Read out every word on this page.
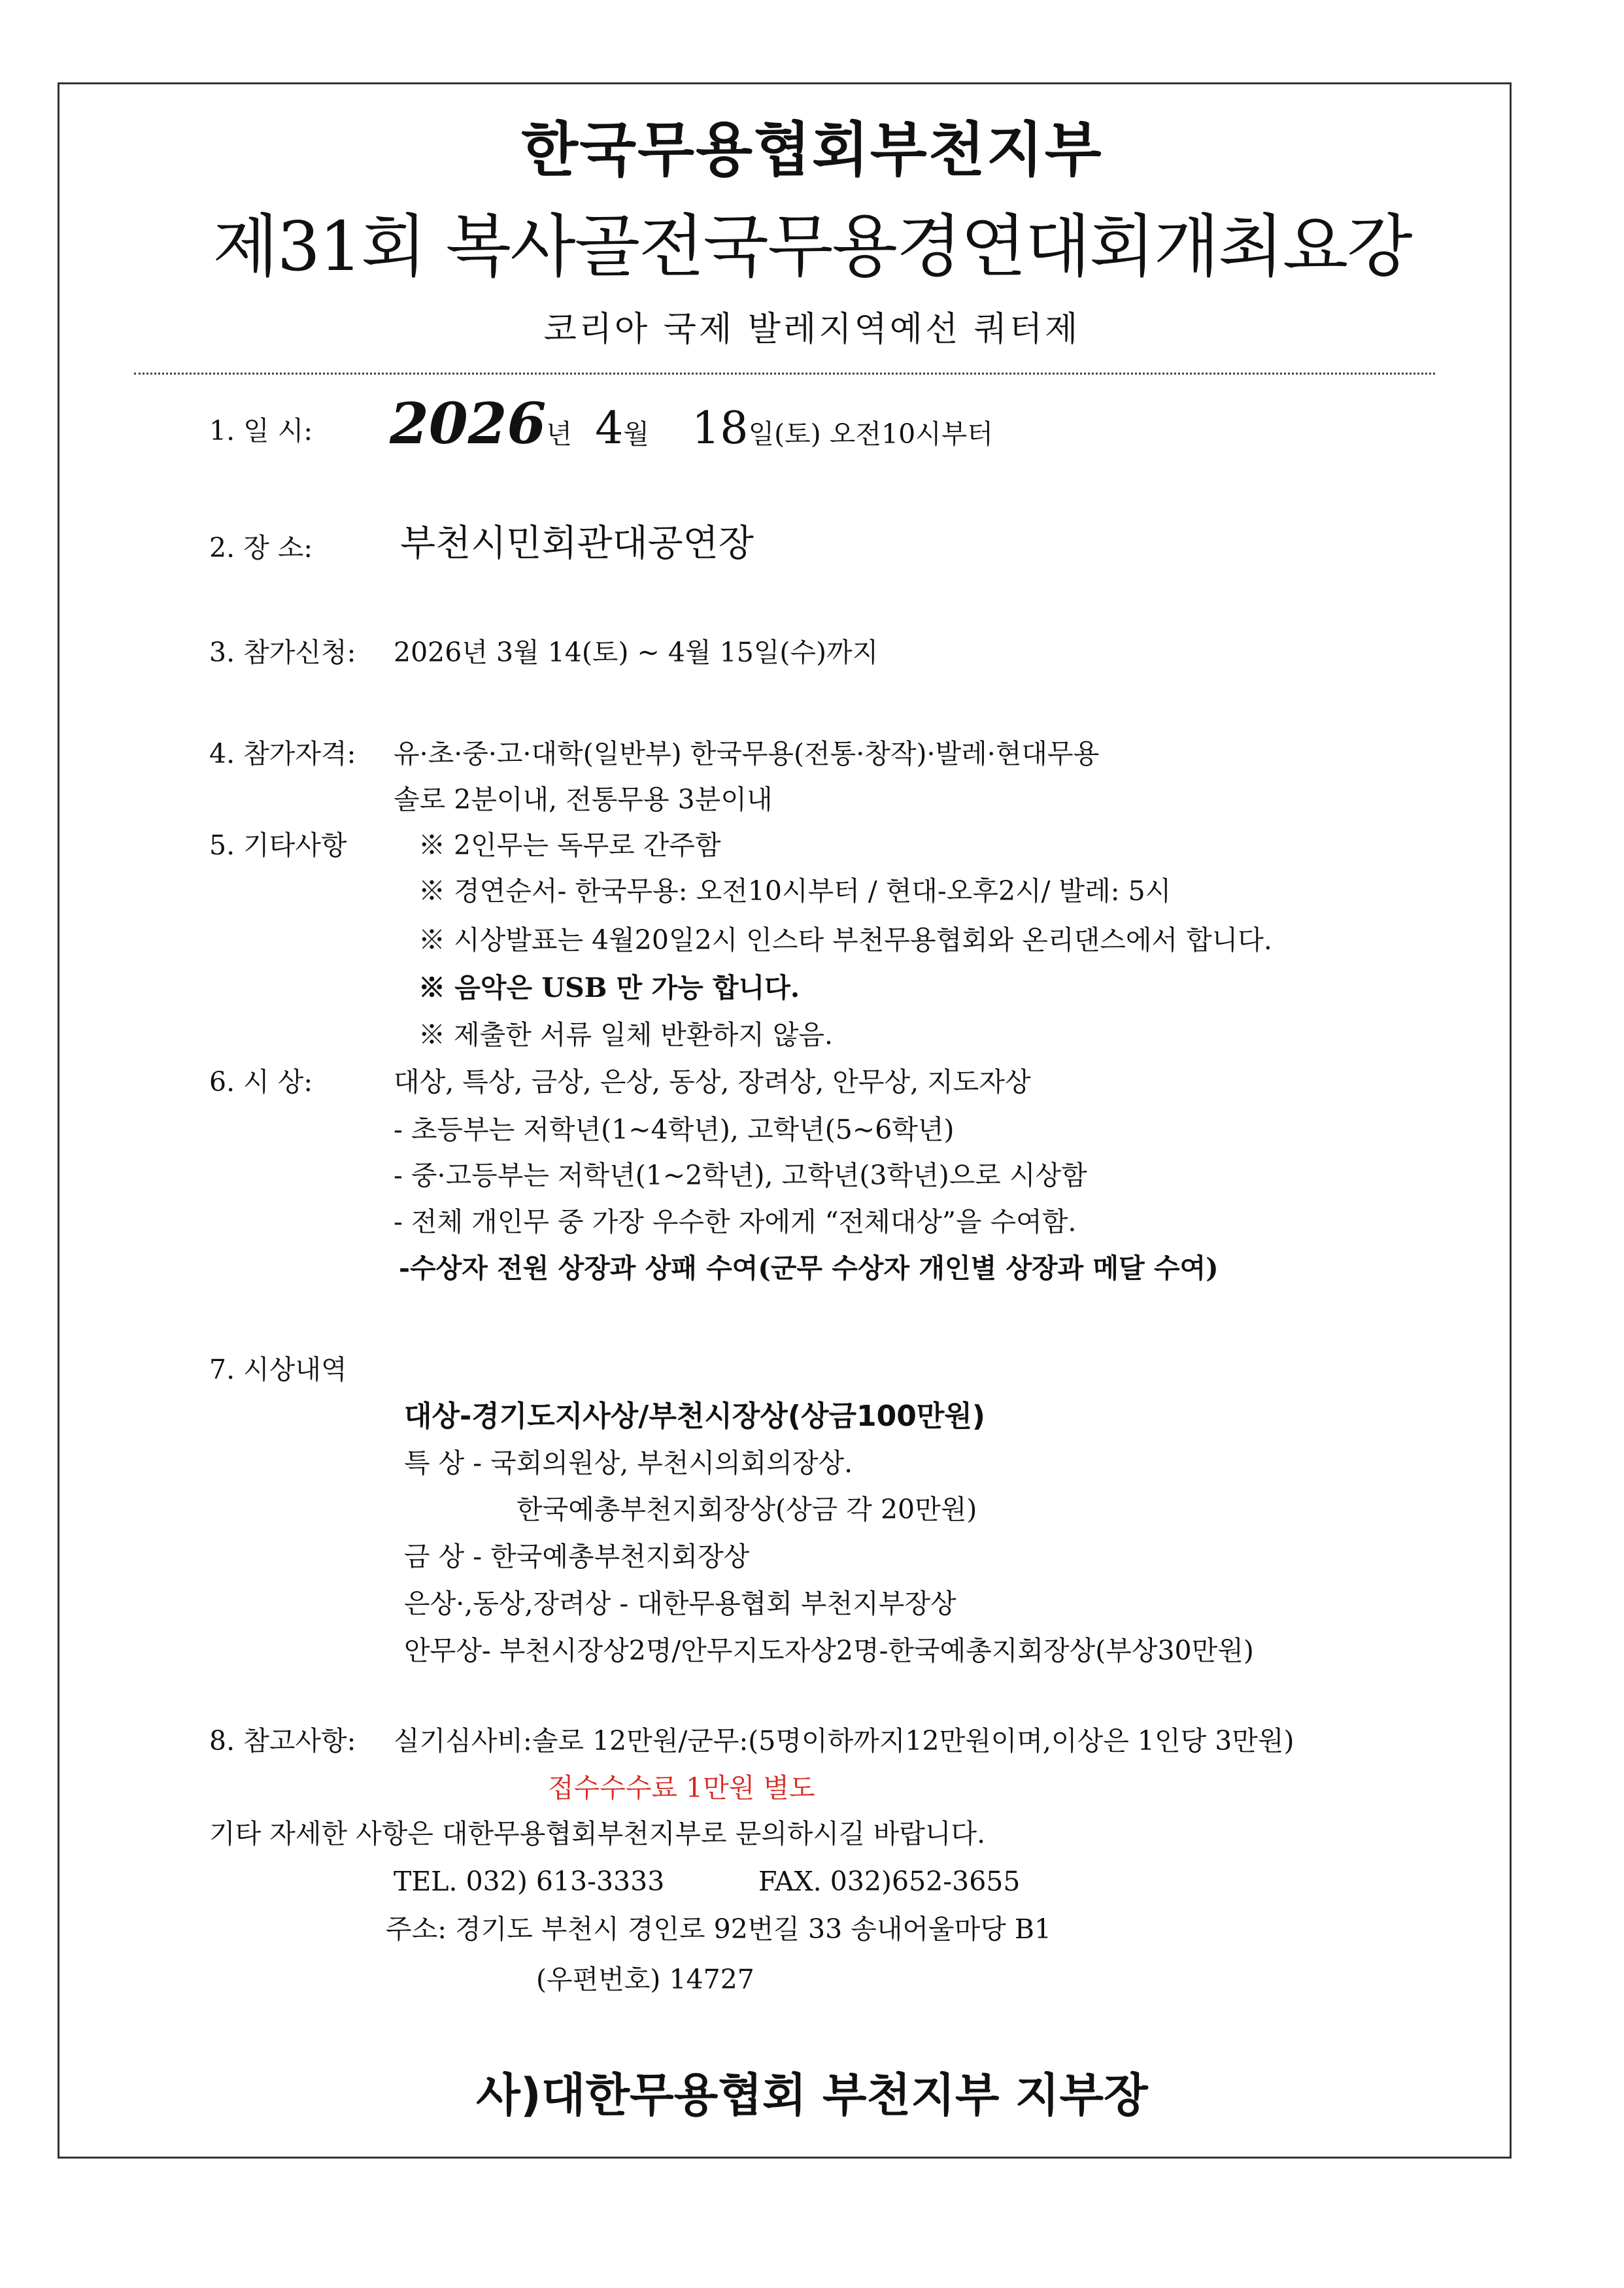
한국무용협회부천지부
제31회 복사골전국무용경연대회개최요강
코리아 국제 발레지역예선 쿼터제
1. 일 시: 2026년 4월 18일(토) 오전10시부터
2. 장 소: 부천시민회관대공연장
3. 참가신청: 2026년 3월 14(토) ~ 4월 15일(수)까지
4. 참가자격: 유·초·중·고·대학(일반부) 한국무용(전통·창작)·발레·현대무용
솔로 2분이내, 전통무용 3분이내
5. 기타사항	※ 2인무는 독무로 간주함
※ 경연순서- 한국무용: 오전10시부터 / 현대-오후2시/ 발레: 5시
※ 시상발표는 4월20일2시 인스타 부천무용협회와 온리댄스에서 합니다.
※ 음악은 USB 만 가능 합니다.
※ 제출한 서류 일체 반환하지 않음.
6. 시 상:	대상, 특상, 금상, 은상, 동상, 장려상, 안무상, 지도자상
- 초등부는 저학년(1~4학년), 고학년(5~6학년)
- 중·고등부는 저학년(1~2학년), 고학년(3학년)으로 시상함
- 전체 개인무 중 가장 우수한 자에게 “전체대상”을 수여함.
-수상자 전원 상장과 상패 수여(군무 수상자 개인별 상장과 메달 수여)
7. 시상내역
대상-경기도지사상/부천시장상(상금100만원)
특 상 - 국회의원상, 부천시의회의장상.
한국예총부천지회장상(상금 각 20만원)
금 상 - 한국예총부천지회장상
은상·,동상,장려상 - 대한무용협회 부천지부장상
안무상- 부천시장상2명/안무지도자상2명-한국예총지회장상(부상30만원)
8. 참고사항: 실기심사비:솔로 12만원/군무:(5명이하까지12만원이며,이상은 1인당 3만원)
접수수수료 1만원 별도
기타 자세한 사항은 대한무용협회부천지부로 문의하시길 바랍니다.
TEL. 032) 613-3333	FAX. 032)652-3655
주소: 경기도 부천시 경인로 92번길 33 송내어울마당 B1
(우편번호) 14727
사)대한무용협회 부천지부 지부장
